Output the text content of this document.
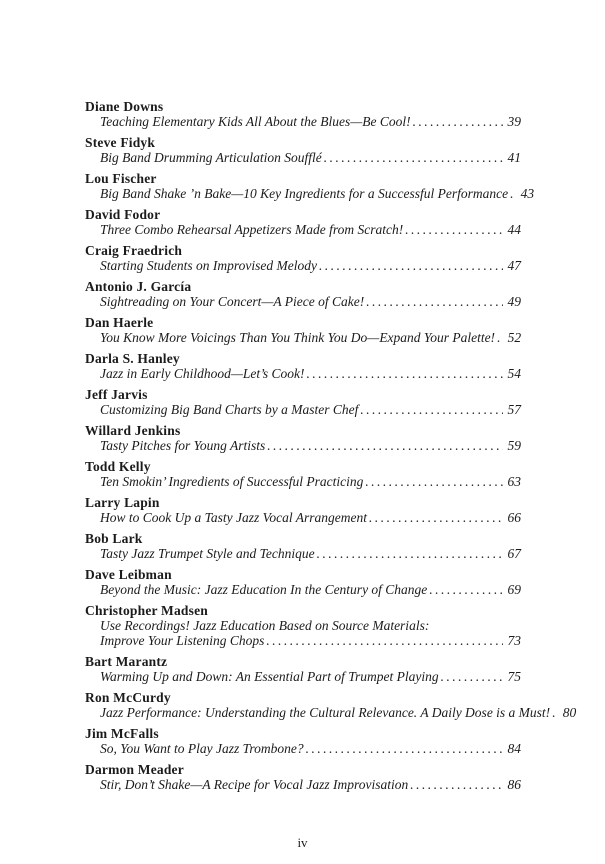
Diane Downs
Teaching Elementary Kids All About the Blues—Be Cool! .....	39
Steve Fidyk
Big Band Drumming Articulation Soufflé .....	41
Lou Fischer
Big Band Shake ’n Bake—10 Key Ingredients for a Successful Performance ..... 43
David Fodor
Three Combo Rehearsal Appetizers Made from Scratch! .....	44
Craig Fraedrich
Starting Students on Improvised Melody .....	47
Antonio J. García
Sightreading on Your Concert—A Piece of Cake! .....	49
Dan Haerle
You Know More Voicings Than You Think You Do—Expand Your Palette! ..... 52
Darla S. Hanley
Jazz in Early Childhood—Let’s Cook! .....	54
Jeff Jarvis
Customizing Big Band Charts by a Master Chef .....	57
Willard Jenkins
Tasty Pitches for Young Artists .....	59
Todd Kelly
Ten Smokin’ Ingredients of Successful Practicing .....	63
Larry Lapin
How to Cook Up a Tasty Jazz Vocal Arrangement .....	66
Bob Lark
Tasty Jazz Trumpet Style and Technique .....	67
Dave Leibman
Beyond the Music: Jazz Education In the Century of Change .....	69
Christopher Madsen
Use Recordings! Jazz Education Based on Source Materials:
Improve Your Listening Chops .....	73
Bart Marantz
Warming Up and Down: An Essential Part of Trumpet Playing .....	75
Ron McCurdy
Jazz Performance: Understanding the Cultural Relevance. A Daily Dose is a Must! ..... 80
Jim McFalls
So, You Want to Play Jazz Trombone? .....	84
Darmon Meader
Stir, Don’t Shake—A Recipe for Vocal Jazz Improvisation .....	86
iv
